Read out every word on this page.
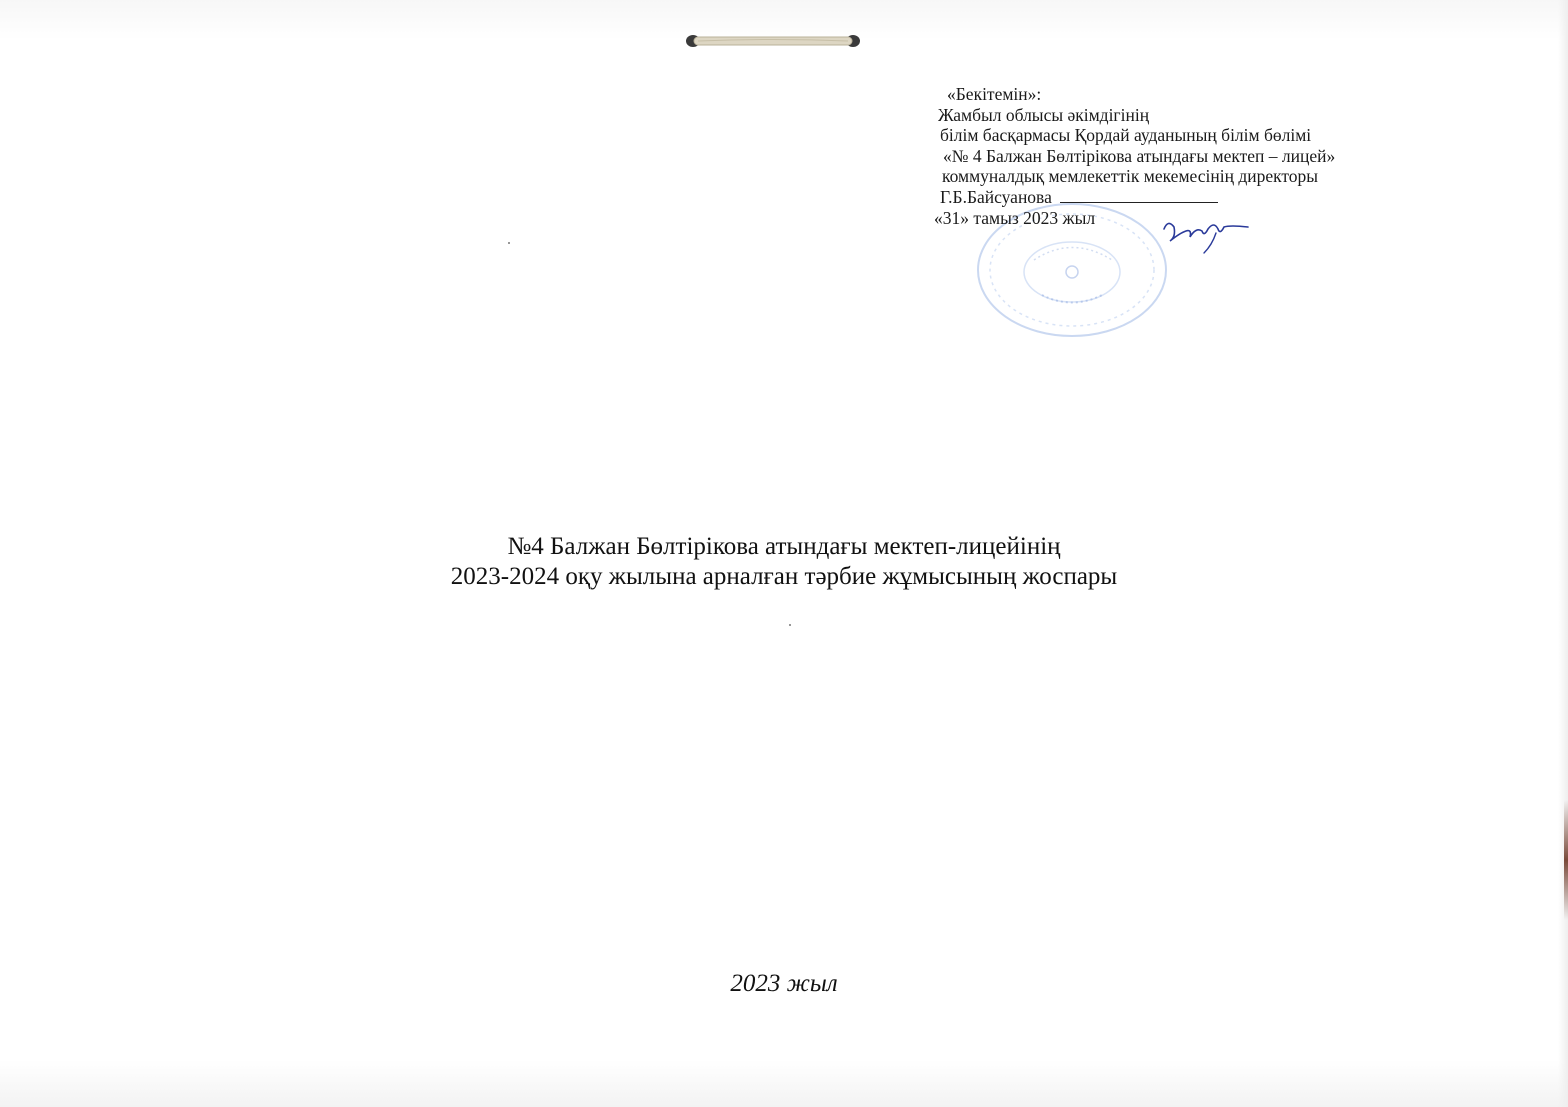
«Бекітемін»:
Жамбыл облысы әкімдігінің
білім басқармасы Қордай ауданының білім бөлімі
«№ 4 Балжан Бөлтірікова атындағы мектеп – лицей»
коммуналдық мемлекеттік мекемесінің директоры
Г.Б.Байсуанова
«31» тамыз 2023 жыл
№4 Балжан Бөлтірікова атындағы мектеп-лицейінің
2023-2024 оқу жылына арналған тәрбие жұмысының жоспары
2023 жыл
